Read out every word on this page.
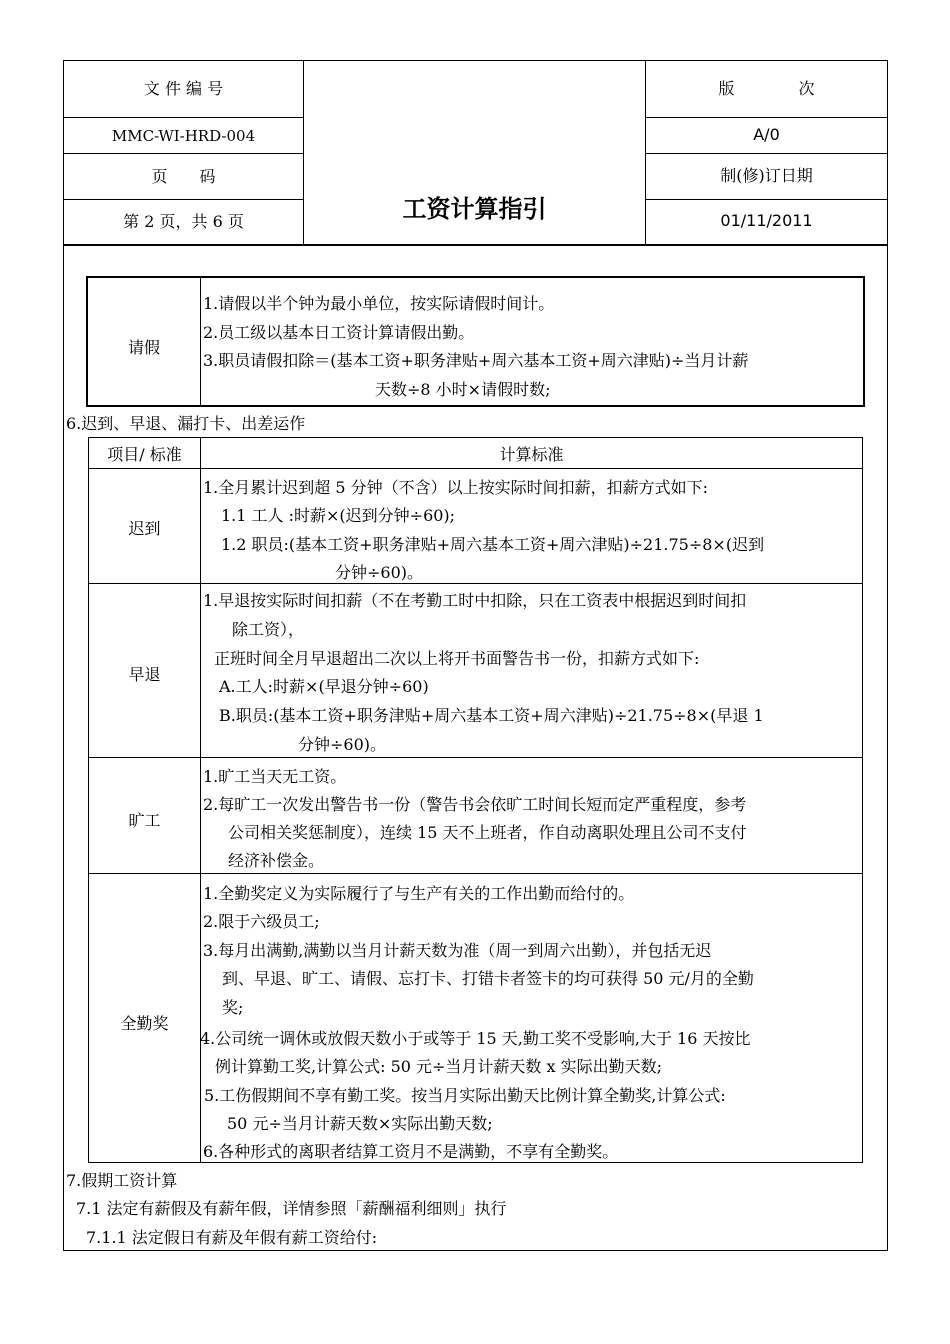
文 件 编 号
MMC-WI-HRD-004
页　　码
第 2 页，共 6 页	工资计算指引
版　　　　次
A/0
制(修)订日期
01/11/2011
请假
1.请假以半个钟为最小单位，按实际请假时间计。
2.员工级以基本日工资计算请假出勤。
3.职员请假扣除＝(基本工资+职务津贴+周六基本工资+周六津贴)÷当月计薪
天数÷8 小时×请假时数;
6.迟到、早退、漏打卡、出差运作
项目/ 标准	计算标准
迟到
1.全月累计迟到超 5 分钟（不含）以上按实际时间扣薪，扣薪方式如下:
1.1 工人 :时薪×(迟到分钟÷60);
1.2 职员:(基本工资+职务津贴+周六基本工资+周六津贴)÷21.75÷8×(迟到
分钟÷60)。
早退
1.早退按实际时间扣薪（不在考勤工时中扣除，只在工资表中根据迟到时间扣
除工资），
正班时间全月早退超出二次以上将开书面警告书一份，扣薪方式如下:
A.工人:时薪×(早退分钟÷60)
B.职员:(基本工资+职务津贴+周六基本工资+周六津贴)÷21.75÷8×(早退 1
分钟÷60)。
旷工
1.旷工当天无工资。
2.每旷工一次发出警告书一份（警告书会依旷工时间长短而定严重程度，参考
公司相关奖惩制度），连续 15 天不上班者，作自动离职处理且公司不支付
经济补偿金。
全勤奖
1.全勤奖定义为实际履行了与生产有关的工作出勤而给付的。
2.限于六级员工;
3.每月出满勤,满勤以当月计薪天数为准（周一到周六出勤），并包括无迟
到、早退、旷工、请假、忘打卡、打错卡者签卡的均可获得 50 元/月的全勤
奖;
4.公司统一调休或放假天数小于或等于 15 天,勤工奖不受影响,大于 16 天按比
例计算勤工奖,计算公式: 50 元÷当月计薪天数 x 实际出勤天数;
5.工伤假期间不享有勤工奖。按当月实际出勤天比例计算全勤奖,计算公式:
50 元÷当月计薪天数×实际出勤天数;
6.各种形式的离职者结算工资月不是满勤，不享有全勤奖。
7.假期工资计算
7.1 法定有薪假及有薪年假，详情参照「薪酬福利细则」执行
7.1.1 法定假日有薪及年假有薪工资给付:
